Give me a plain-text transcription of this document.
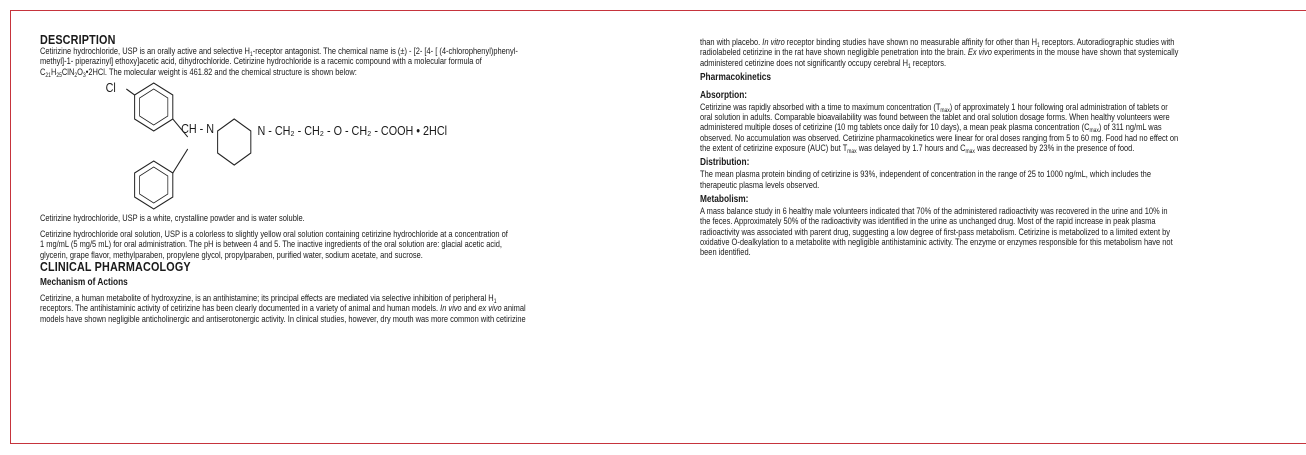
DESCRIPTION

Cetirizine hydrochloride, USP is an orally active and selective $H_1$-receptor antagonist. The chemical name is (±) - [2- [4- [ (4-chlorophenyl)phenyl-
methyl]-1- piperazinyl] ethoxy]acetic acid, dihydrochloride. Cetirizine hydrochloride is a racemic compound with a molecular formula of
$C_{21}H_{25}ClN_2O_3•2HCl$. The molecular weight is 461.82 and the chemical structure is shown below:

Cl
CH - N	N - CH₂ - CH₂ - O - CH₂ - COOH • 2HCl

Cetirizine hydrochloride, USP is a white, crystalline powder and is water soluble.

Cetirizine hydrochloride oral solution, USP is a colorless to slightly yellow oral solution containing cetirizine hydrochloride at a concentration of
1 mg/mL (5 mg/5 mL) for oral administration. The pH is between 4 and 5. The inactive ingredients of the oral solution are: glacial acetic acid,
glycerin, grape flavor, methylparaben, propylene glycol, propylparaben, purified water, sodium acetate, and sucrose.

CLINICAL PHARMACOLOGY
Mechanism of Actions

Cetirizine, a human metabolite of hydroxyzine, is an antihistamine; its principal effects are mediated via selective inhibition of peripheral $H_1$
receptors. The antihistaminic activity of cetirizine has been clearly documented in a variety of animal and human models. In vivo and ex vivo animal
models have shown negligible anticholinergic and antiserotonergic activity. In clinical studies, however, dry mouth was more common with cetirizine

than with placebo. In vitro receptor binding studies have shown no measurable affinity for other than $H_1$ receptors. Autoradiographic studies with
radiolabeled cetirizine in the rat have shown negligible penetration into the brain. Ex vivo experiments in the mouse have shown that systemically
administered cetirizine does not significantly occupy cerebral $H_1$ receptors.

Pharmacokinetics
Absorption:

Cetirizine was rapidly absorbed with a time to maximum concentration $(T_{max})$ of approximately 1 hour following oral administration of tablets or
oral solution in adults. Comparable bioavailability was found between the tablet and oral solution dosage forms. When healthy volunteers were
administered multiple doses of cetirizine (10 mg tablets once daily for 10 days), a mean peak plasma concentration $(C_{max})$ of 311 ng/mL was
observed. No accumulation was observed. Cetirizine pharmacokinetics were linear for oral doses ranging from 5 to 60 mg. Food had no effect on
the extent of cetirizine exposure (AUC) but $T_{max}$ was delayed by 1.7 hours and $C_{max}$ was decreased by 23% in the presence of food.

Distribution:

The mean plasma protein binding of cetirizine is 93%, independent of concentration in the range of 25 to 1000 ng/mL, which includes the
therapeutic plasma levels observed.

Metabolism:

A mass balance study in 6 healthy male volunteers indicated that 70% of the administered radioactivity was recovered in the urine and 10% in
the feces. Approximately 50% of the radioactivity was identified in the urine as unchanged drug. Most of the rapid increase in peak plasma
radioactivity was associated with parent drug, suggesting a low degree of first-pass metabolism. Cetirizine is metabolized to a limited extent by
oxidative O-dealkylation to a metabolite with negligible antihistaminic activity. The enzyme or enzymes responsible for this metabolism have not
been identified.
